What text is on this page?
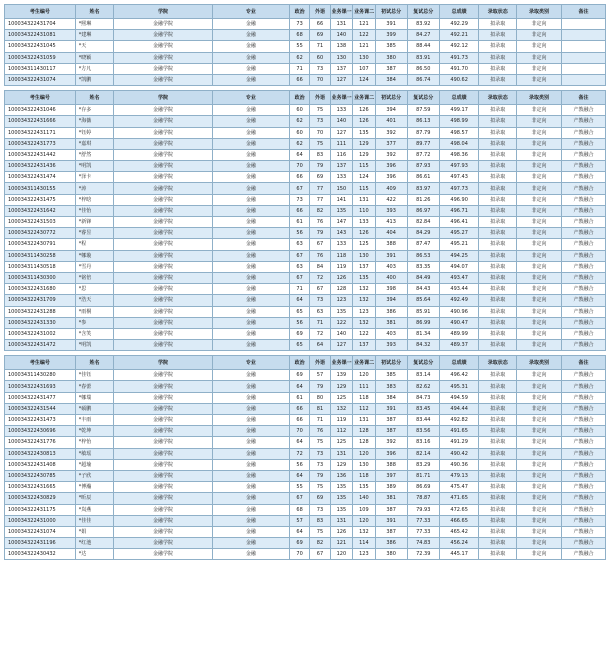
考生编号	姓名	学院	专业	政治	外语	业务课一	业务课二	初试总分	复试总分	总成绩	录取状态	录取类别	备注
100034322431704	*熙琳	金融学院	金融	73	66	131	121	391	83.92	492.29	拟录取	非定向	
100034322431081	*建琳	金融学院	金融	68	69	140	122	399	84.27	492.21	拟录取	非定向	
100034322431045	*天	金融学院	金融	55	71	138	121	385	88.44	492.12	拟录取	非定向	
100034322431059	*晓颖	金融学院	金融	62	60	130	130	380	83.91	491.73	拟录取	非定向	
100034311430117	*方凡	金融学院	金融	71	73	137	107	387	86.50	491.70	拟录取	非定向	
100034322431074	*凯鹏	金融学院	金融	66	70	127	124	384	86.74	490.62	拟录取	非定向	
考生编号	姓名	学院	专业	政治	外语	业务课一	业务课二	初试总分	复试总分	总成绩	录取状态	录取类别	备注
100034322431046	*存多	金融学院	金融	60	75	133	126	394	87.59	499.17	拟录取	非定向	产教融合
100034322431666	*海薇	金融学院	金融	62	73	140	126	401	86.13	498.99	拟录取	非定向	产教融合
100034322431171	*钰婷	金融学院	金融	60	70	127	135	392	87.79	498.57	拟录取	非定向	产教融合
100034322431773	*嘉琪	金融学院	金融	62	75	111	129	377	89.77	498.04	拟录取	非定向	产教融合
100034322431442	*舒然	金融学院	金融	64	83	116	129	392	87.72	498.36	拟录取	非定向	产教融合
100034322431436	*明凯	金融学院	金融	70	79	137	115	396	87.93	497.93	拟录取	非定向	产教融合
100034322431474	*泽卡	金融学院	金融	66	69	133	124	396	86.61	497.43	拟录取	非定向	产教融合
100034311430155	*涛	金融学院	金融	67	77	150	115	409	83.97	497.73	拟录取	非定向	产教融合
100034322431475	*梓晗	金融学院	金融	73	77	141	131	422	81.26	496.90	拟录取	非定向	产教融合
100034322431642	*佳怡	金融学院	金融	66	82	135	110	393	86.97	496.71	拟录取	非定向	产教融合
100034322431503	*新锋	金融学院	金融	61	76	147	133	413	82.84	496.41	拟录取	非定向	产教融合
100034322430772	*睿昱	金融学院	金融	56	79	143	126	404	84.29	495.27	拟录取	非定向	产教融合
100034322430791	*程	金融学院	金融	63	67	133	125	388	87.47	495.21	拟录取	非定向	产教融合
100034311430258	*娜璇	金融学院	金融	67	76	118	130	391	86.53	494.25	拟录取	非定向	产教融合
100034311430518	*雪丹	金融学院	金融	63	84	119	137	403	83.35	494.07	拟录取	非定向	产教融合
100034311430300	*铭倍	金融学院	金融	67	72	126	135	400	84.49	493.47	拟录取	非定向	产教融合
100034322431680	*思	金融学院	金融	71	67	128	132	398	84.43	493.44	拟录取	非定向	产教融合
100034322431709	*浩天	金融学院	金融	64	73	123	132	394	85.64	492.49	拟录取	非定向	产教融合
100034322431288	*雨桐	金融学院	金融	65	63	135	123	386	85.91	490.96	拟录取	非定向	产教融合
100034322431330	*参	金融学院	金融	56	71	122	132	381	86.99	490.47	拟录取	非定向	产教融合
100034322431002	*含笑	金融学院	金融	69	72	140	122	403	81.34	489.99	拟录取	非定向	产教融合
100034322431472	*明凯	金融学院	金融	65	64	127	137	393	84.32	489.37	拟录取	非定向	产教融合
考生编号	姓名	学院	专业	政治	外语	业务课一	业务课二	初试总分	复试总分	总成绩	录取状态	录取类别	备注
100034311430280	*佳钰	金融学院	金融	69	57	139	120	385	83.14	496.42	拟录取	非定向	产教融合
100034322431693	*春蕾	金融学院	金融	64	79	129	111	383	82.62	495.31	拟录取	非定向	产教融合
100034322431477	*娜瑞	金融学院	金融	61	80	125	118	384	84.73	494.59	拟录取	非定向	产教融合
100034322431544	*硕鹏	金融学院	金融	66	81	132	112	391	83.45	494.44	拟录取	非定向	产教融合
100034322431473	*丰雨	金融学院	金融	66	71	119	131	387	83.44	492.82	拟录取	非定向	产教融合
100034322430696	*乾坤	金融学院	金融	70	76	112	128	387	83.56	491.65	拟录取	非定向	产教融合
100034322431776	*梓怡	金融学院	金融	64	75	125	128	392	83.16	491.29	拟录取	非定向	产教融合
100034322430813	*敏瑶	金融学院	金融	72	73	131	120	396	82.14	490.42	拟录取	非定向	产教融合
100034322431408	*超瑜	金融学院	金融	56	73	129	130	388	83.29	490.36	拟录取	非定向	产教融合
100034322430785	*子欣	金融学院	金融	64	79	136	118	397	81.71	479.13	拟录取	非定向	产教融合
100034322431665	*博瀚	金融学院	金融	55	75	135	135	389	86.69	475.47	拟录取	非定向	产教融合
100034322430829	*昕辰	金融学院	金融	67	69	135	140	381	78.87	471.65	拟录取	非定向	产教融合
100034322431175	*岚燕	金融学院	金融	68	73	135	109	387	79.93	472.65	拟录取	非定向	产教融合
100034322431000	*佳佳	金融学院	金融	57	83	131	120	391	77.33	466.65	拟录取	非定向	产教融合
100034322431074	*娟	金融学院	金融	64	75	126	132	387	77.33	465.42	拟录取	非定向	产教融合
100034322431196	*红池	金融学院	金融	69	82	121	114	386	74.83	456.24	拟录取	非定向	产教融合
100034322430432	*达	金融学院	金融	70	67	120	123	380	72.39	445.17	拟录取	非定向	产教融合
